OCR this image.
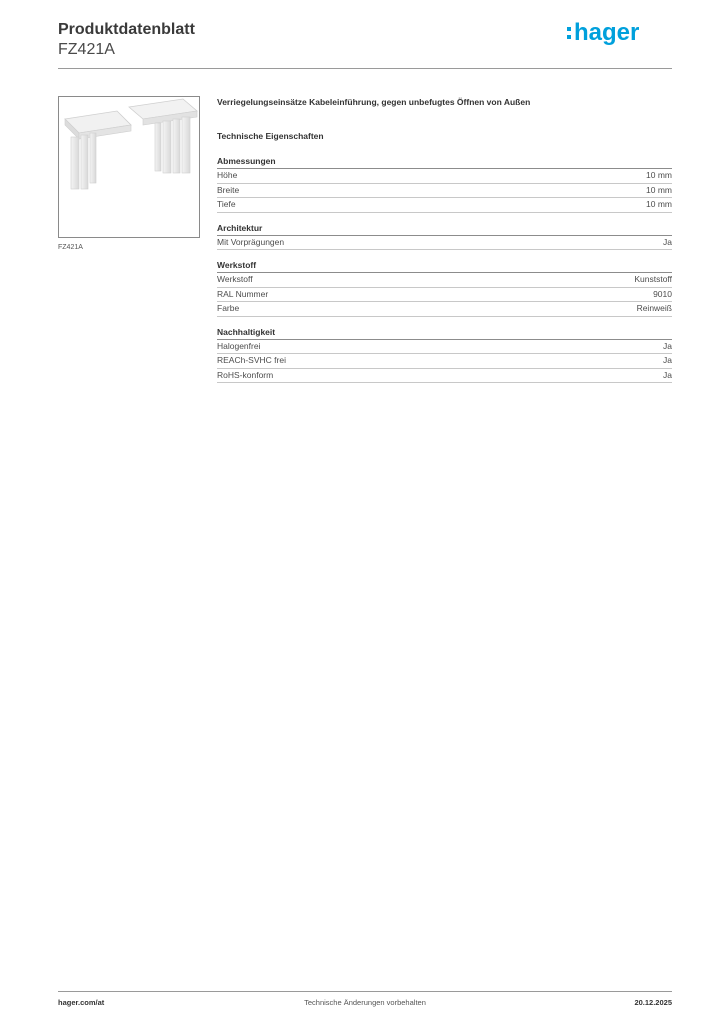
Produktdatenblatt
FZ421A
hager
FZ421A
Verriegelungseinsätze Kabeleinführung, gegen unbefugtes Öffnen von Außen
Technische Eigenschaften
Abmessungen
Höhe	10 mm
Breite	10 mm
Tiefe	10 mm
Architektur
Mit Vorprägungen	Ja
Werkstoff
Werkstoff	Kunststoff
RAL Nummer	9010
Farbe	Reinweiß
Nachhaltigkeit
Halogenfrei	Ja
REACh-SVHC frei	Ja
RoHS-konform	Ja
hager.com/at	Technische Änderungen vorbehalten	20.12.2025
